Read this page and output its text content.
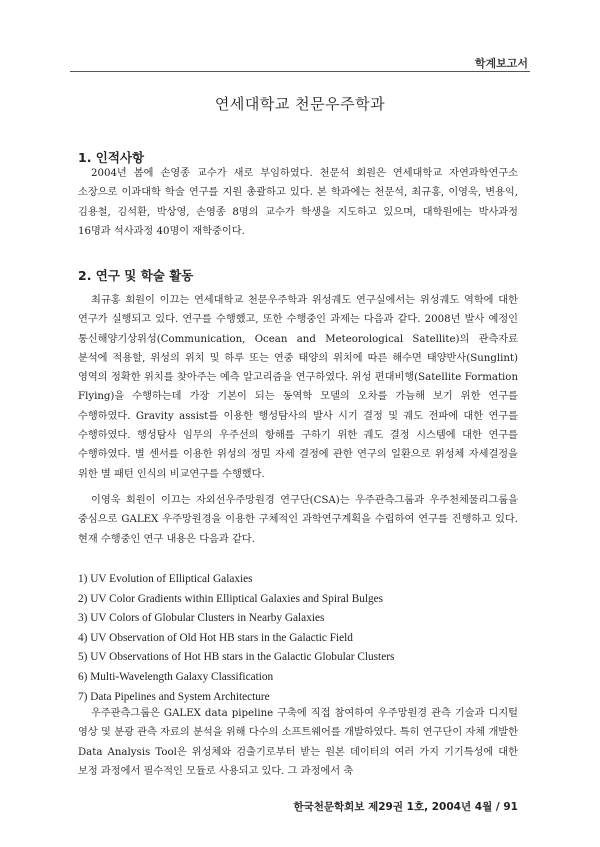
학계보고서
연세대학교 천문우주학과
1. 인적사항

2004년 봄에 손영종 교수가 새로 부임하였다. 천문석 회원은 연세대학교 자연과학연구소 소장으로 이과대학 학술 연구를 지원 총괄하고 있다. 본 학과에는 천문석, 최규홍, 이영욱, 변용익, 김용철, 김석환, 박상영, 손영종 8명의 교수가 학생을 지도하고 있으며, 대학원에는 박사과정 16명과 석사과정 40명이 재학중이다.

2. 연구 및 학술 활동

최규홍 회원이 이끄는 연세대학교 천문우주학과 위성궤도 연구실에서는 위성궤도 역학에 대한 연구가 실행되고 있다. 연구를 수행했고, 또한 수행중인 과제는 다음과 같다. 2008년 발사 예정인 통신해양기상위성(Communication, Ocean and Meteorological Satellite)의 관측자료 분석에 적용할, 위성의 위치 및 하루 또는 연중 태양의 위치에 따른 해수면 태양반사(Sunglint) 영역의 정확한 위치를 찾아주는 예측 알고리즘을 연구하였다. 위성 편대비행(Satellite Formation Flying)을 수행하는데 가장 기본이 되는 동역학 모델의 오차를 가늠해 보기 위한 연구를 수행하였다. Gravity assist를 이용한 행성탐사의 발사 시기 결정 및 궤도 전파에 대한 연구를 수행하였다. 행성탐사 임무의 우주선의 항해를 구하기 위한 궤도 결정 시스템에 대한 연구를 수행하였다. 별 센서를 이용한 위성의 정밀 자세 결정에 관한 연구의 일환으로 위성체 자세결정을 위한 별 패턴 인식의 비교연구를 수행했다.

이영욱 회원이 이끄는 자외선우주망원경 연구단(CSA)는 우주관측그룹과 우주천체물리그룹을 중심으로 GALEX 우주망원경을 이용한 구체적인 과학연구계획을 수립하여 연구를 진행하고 있다. 현재 수행중인 연구 내용은 다음과 같다.

1) UV Evolution of Elliptical Galaxies
2) UV Color Gradients within Elliptical Galaxies and Spiral Bulges
3) UV Colors of Globular Clusters in Nearby Galaxies
4) UV Observation of Old Hot HB stars in the Galactic Field
5) UV Observations of Hot HB stars in the Galactic Globular Clusters
6) Multi-Wavelength Galaxy Classification
7) Data Pipelines and System Architecture

우주관측그룹은 GALEX data pipeline 구축에 직접 참여하여 우주망원경 관측 기술과 디지털 영상 및 분광 관측 자료의 분석을 위해 다수의 소프트웨어를 개발하였다. 특히 연구단이 자체 개발한 Data Analysis Tool은 위성체와 검출기로부터 받는 원본 데이터의 여러 가지 기기특성에 대한 보정 과정에서 필수적인 모듈로 사용되고 있다. 그 과정에서 축

한국천문학회보 제29권 1호, 2004년 4월 / 91
